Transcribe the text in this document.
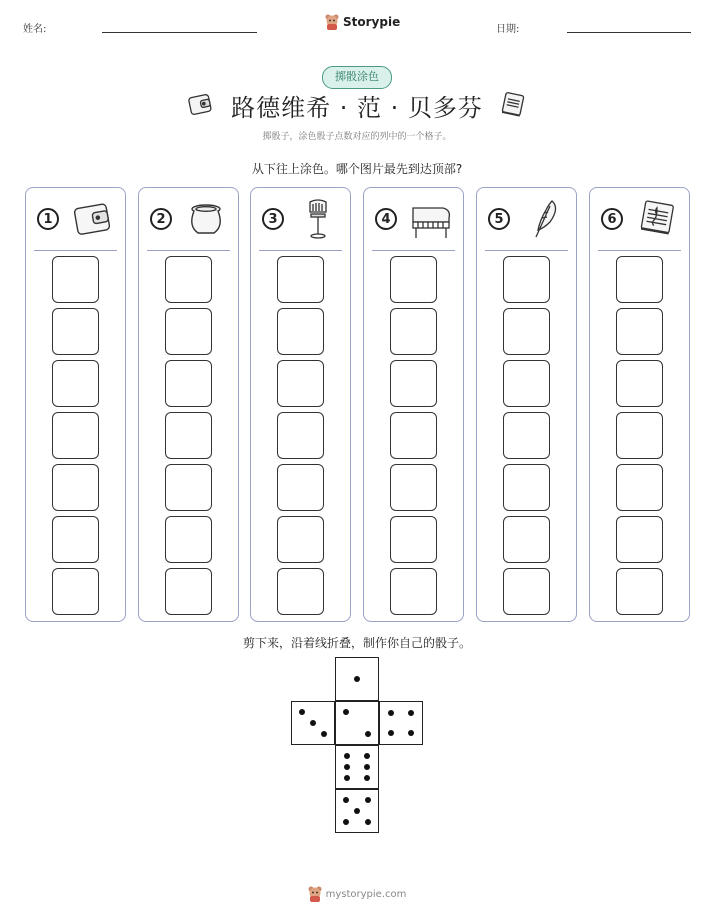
姓名:
Storypie
日期:
掷骰涂色
路德维希 · 范 · 贝多芬
掷骰子，涂色骰子点数对应的列中的一个格子。
从下往上涂色。哪个图片最先到达顶部?
1	2	3	4	5	6
剪下来，沿着线折叠，制作你自己的骰子。
mystorypie.com
